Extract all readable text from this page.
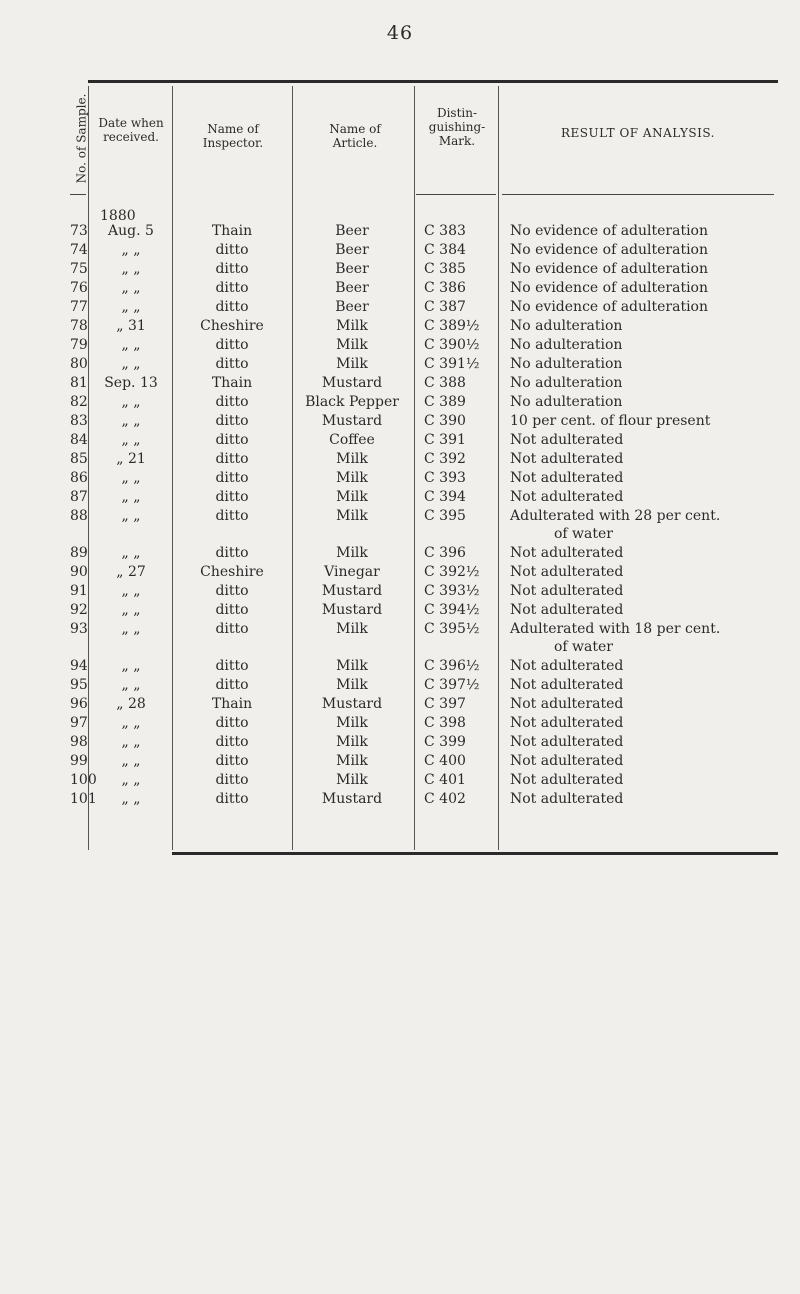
46
No. of Sample. Date when received.
Name of Inspector.
Name of Article.
Distin- guishing- Mark.
RESULT OF ANALYSIS.
1880
73	Aug. 5	Thain	Beer	C 383	No evidence of adulteration
74	„ „	ditto	Beer	C 384	No evidence of adulteration
75	„ „	ditto	Beer	C 385	No evidence of adulteration
76	„ „	ditto	Beer	C 386	No evidence of adulteration
77	„ „	ditto	Beer	C 387	No evidence of adulteration
78	„ 31	Cheshire	Milk	C 389½	No adulteration
79	„ „	ditto	Milk	C 390½	No adulteration
80	„ „	ditto	Milk	C 391½	No adulteration
81	Sep. 13	Thain	Mustard	C 388	No adulteration
82	„ „	ditto	Black Pepper	C 389	No adulteration
83	„ „	ditto	Mustard	C 390	10 per cent. of flour present
84	„ „	ditto	Coffee	C 391	Not adulterated
85	„ 21	ditto	Milk	C 392	Not adulterated
86	„ „	ditto	Milk	C 393	Not adulterated
87	„ „	ditto	Milk	C 394	Not adulterated
88	„ „	ditto	Milk	C 395	Adulterated with 28 per cent.
of water
89	„ „	ditto	Milk	C 396	Not adulterated
90	„ 27	Cheshire	Vinegar	C 392½	Not adulterated
91	„ „	ditto	Mustard	C 393½	Not adulterated
92	„ „	ditto	Mustard	C 394½	Not adulterated
93	„ „	ditto	Milk	C 395½	Adulterated with 18 per cent.
of water
94	„ „	ditto	Milk	C 396½	Not adulterated
95	„ „	ditto	Milk	C 397½	Not adulterated
96	„ 28	Thain	Mustard	C 397	Not adulterated
97	„ „	ditto	Milk	C 398	Not adulterated
98	„ „	ditto	Milk	C 399	Not adulterated
99	„ „	ditto	Milk	C 400	Not adulterated
100	„ „	ditto	Milk	C 401	Not adulterated
101	„ „	ditto	Mustard	C 402	Not adulterated
